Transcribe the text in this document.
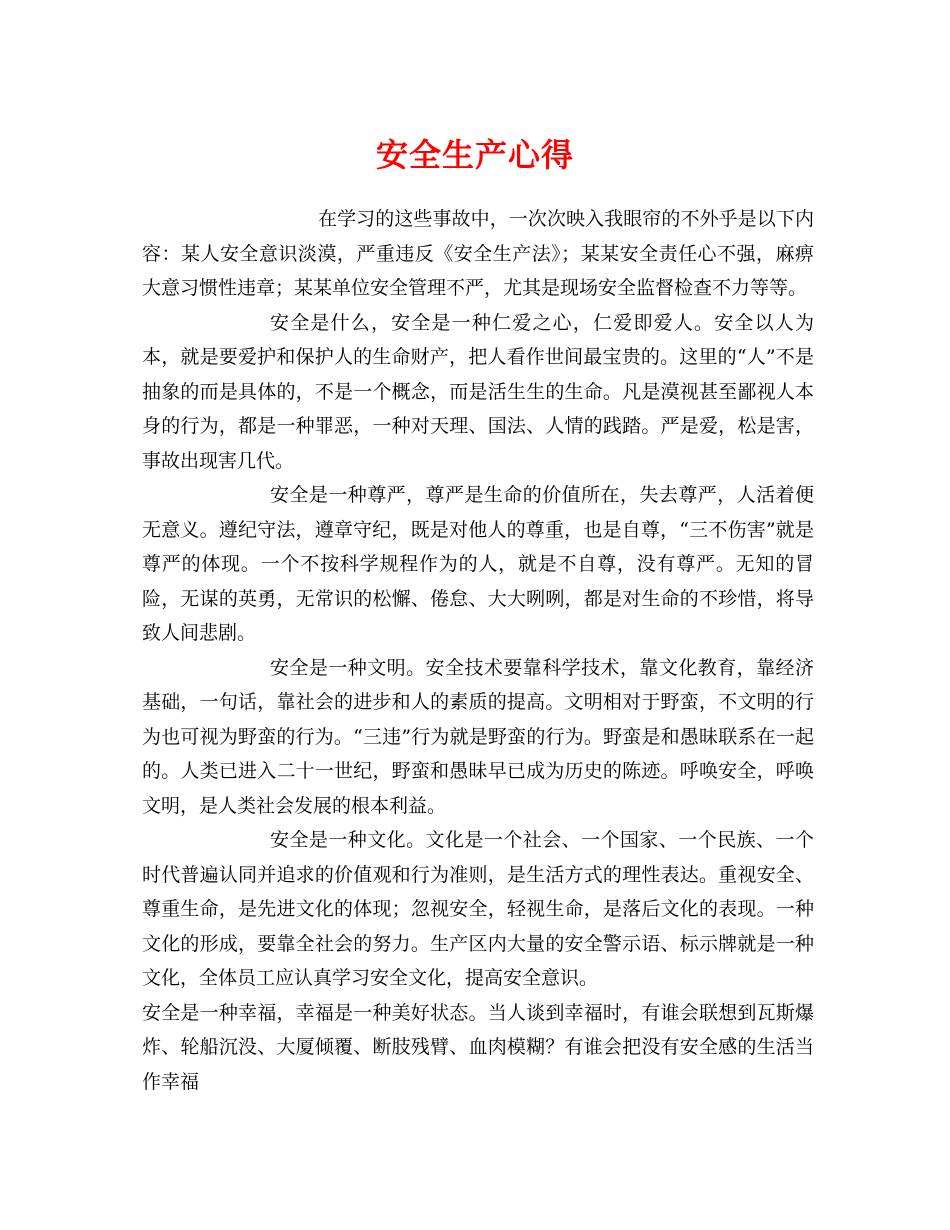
安全生产心得

在学习的这些事故中，一次次映入我眼帘的不外乎是以下内容：某人安全意识淡漠，严重违反《安全生产法》；某某安全责任心不强，麻痹大意习惯性违章；某某单位安全管理不严，尤其是现场安全监督检查不力等等。

安全是什么，安全是一种仁爱之心，仁爱即爱人。安全以人为本，就是要爱护和保护人的生命财产，把人看作世间最宝贵的。这里的“人”不是抽象的而是具体的，不是一个概念，而是活生生的生命。凡是漠视甚至鄙视人本身的行为，都是一种罪恶，一种对天理、国法、人情的践踏。严是爱，松是害，事故出现害几代。

安全是一种尊严，尊严是生命的价值所在，失去尊严，人活着便无意义。遵纪守法，遵章守纪，既是对他人的尊重，也是自尊，“三不伤害”就是尊严的体现。一个不按科学规程作为的人，就是不自尊，没有尊严。无知的冒险，无谋的英勇，无常识的松懈、倦怠、大大咧咧，都是对生命的不珍惜，将导致人间悲剧。

安全是一种文明。安全技术要靠科学技术，靠文化教育，靠经济基础，一句话，靠社会的进步和人的素质的提高。文明相对于野蛮，不文明的行为也可视为野蛮的行为。“三违”行为就是野蛮的行为。野蛮是和愚昧联系在一起的。人类已进入二十一世纪，野蛮和愚昧早已成为历史的陈迹。呼唤安全，呼唤文明，是人类社会发展的根本利益。

安全是一种文化。文化是一个社会、一个国家、一个民族、一个时代普遍认同并追求的价值观和行为准则，是生活方式的理性表达。重视安全、尊重生命，是先进文化的体现；忽视安全，轻视生命，是落后文化的表现。一种文化的形成，要靠全社会的努力。生产区内大量的安全警示语、标示牌就是一种文化，全体员工应认真学习安全文化，提高安全意识。

安全是一种幸福，幸福是一种美好状态。当人谈到幸福时，有谁会联想到瓦斯爆炸、轮船沉没、大厦倾覆、断肢残臂、血肉模糊？有谁会把没有安全感的生活当作幸福
